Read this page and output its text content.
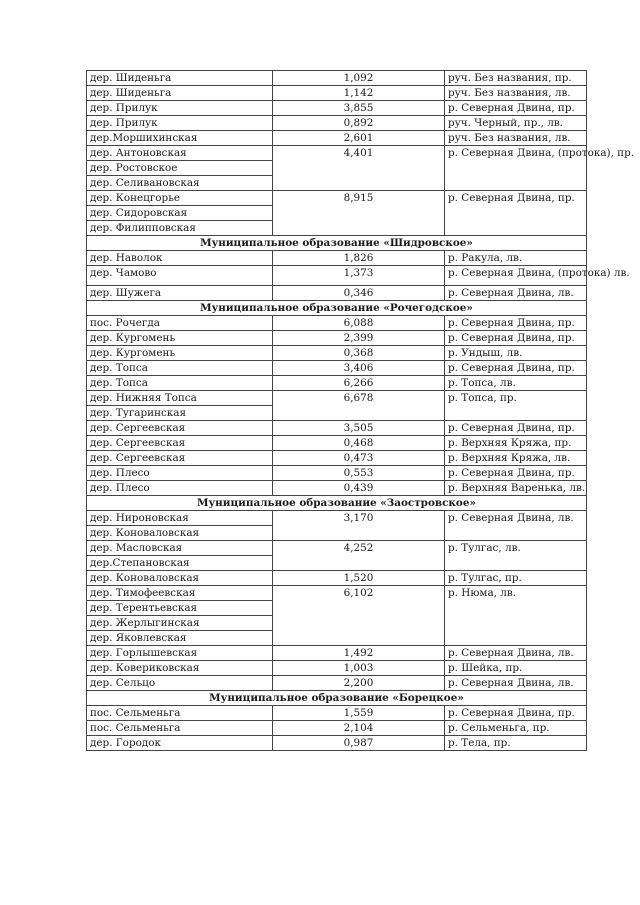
дер. Шиденьга	1,092	руч. Без названия, пр.
дер. Шиденьга	1,142	руч. Без названия, лв.
дер. Прилук	3,855	р. Северная Двина, пр.
дер. Прилук	0,892	руч. Черный, пр., лв.
дер.Моршихинская	2,601	руч. Без названия, лв.
дер. Антоновская	4,401	р. Северная Двина, (протока), пр.
дер. Ростовское		
дер. Селивановская		
дер. Конецгорье	8,915	р. Северная Двина, пр.
дер. Сидоровская		
дер. Филипповская		
Муниципальное образование «Шидровское»		
дер. Наволок	1,826	р. Ракула, лв.
дер. Чамово	1,373	р. Северная Двина, (протока) лв.
дер. Шужега	0,346	р. Северная Двина, лв.
Муниципальное образование «Рочегодское»		
пос. Рочегда	6,088	р. Северная Двина, пр.
дер. Кургомень	2,399	р. Северная Двина, пр.
дер. Кургомень	0,368	р. Ундыш, лв.
дер. Топса	3,406	р. Северная Двина, пр.
дер. Топса	6,266	р. Топса, лв.
дер. Нижняя Топса	6,678	р. Топса, пр.
дер. Тугаринская		
дер. Сергеевская	3,505	р. Северная Двина, пр.
дер. Сергеевская	0,468	р. Верхняя Кряжа, пр.
дер. Сергеевская	0,473	р. Верхняя Кряжа, лв.
дер. Плесо	0,553	р. Северная Двина, пр.
дер. Плесо	0,439	р. Верхняя Варенька, лв.
Муниципальное образование «Заостровское»		
дер. Нироновская	3,170	р. Северная Двина, лв.
дер. Коноваловская		
дер. Масловская	4,252	р. Тулгас, лв.
дер.Степановская		
дер. Коноваловская	1,520	р. Тулгас, пр.
дер. Тимофеевская	6,102	р. Нюма, лв.
дер. Терентьевская		
дер. Жерлыгинская		
дер. Яковлевская		
дер. Горлышевская	1,492	р. Северная Двина, лв.
дер. Ковериковская	1,003	р. Шейка, пр.
дер. Сельцо	2,200	р. Северная Двина, лв.
Муниципальное образование «Борецкое»		
пос. Сельменьга	1,559	р. Северная Двина, пр.
пос. Сельменьга	2,104	р. Сельменьга, пр.
дер. Городок	0,987	р. Тела, пр.
